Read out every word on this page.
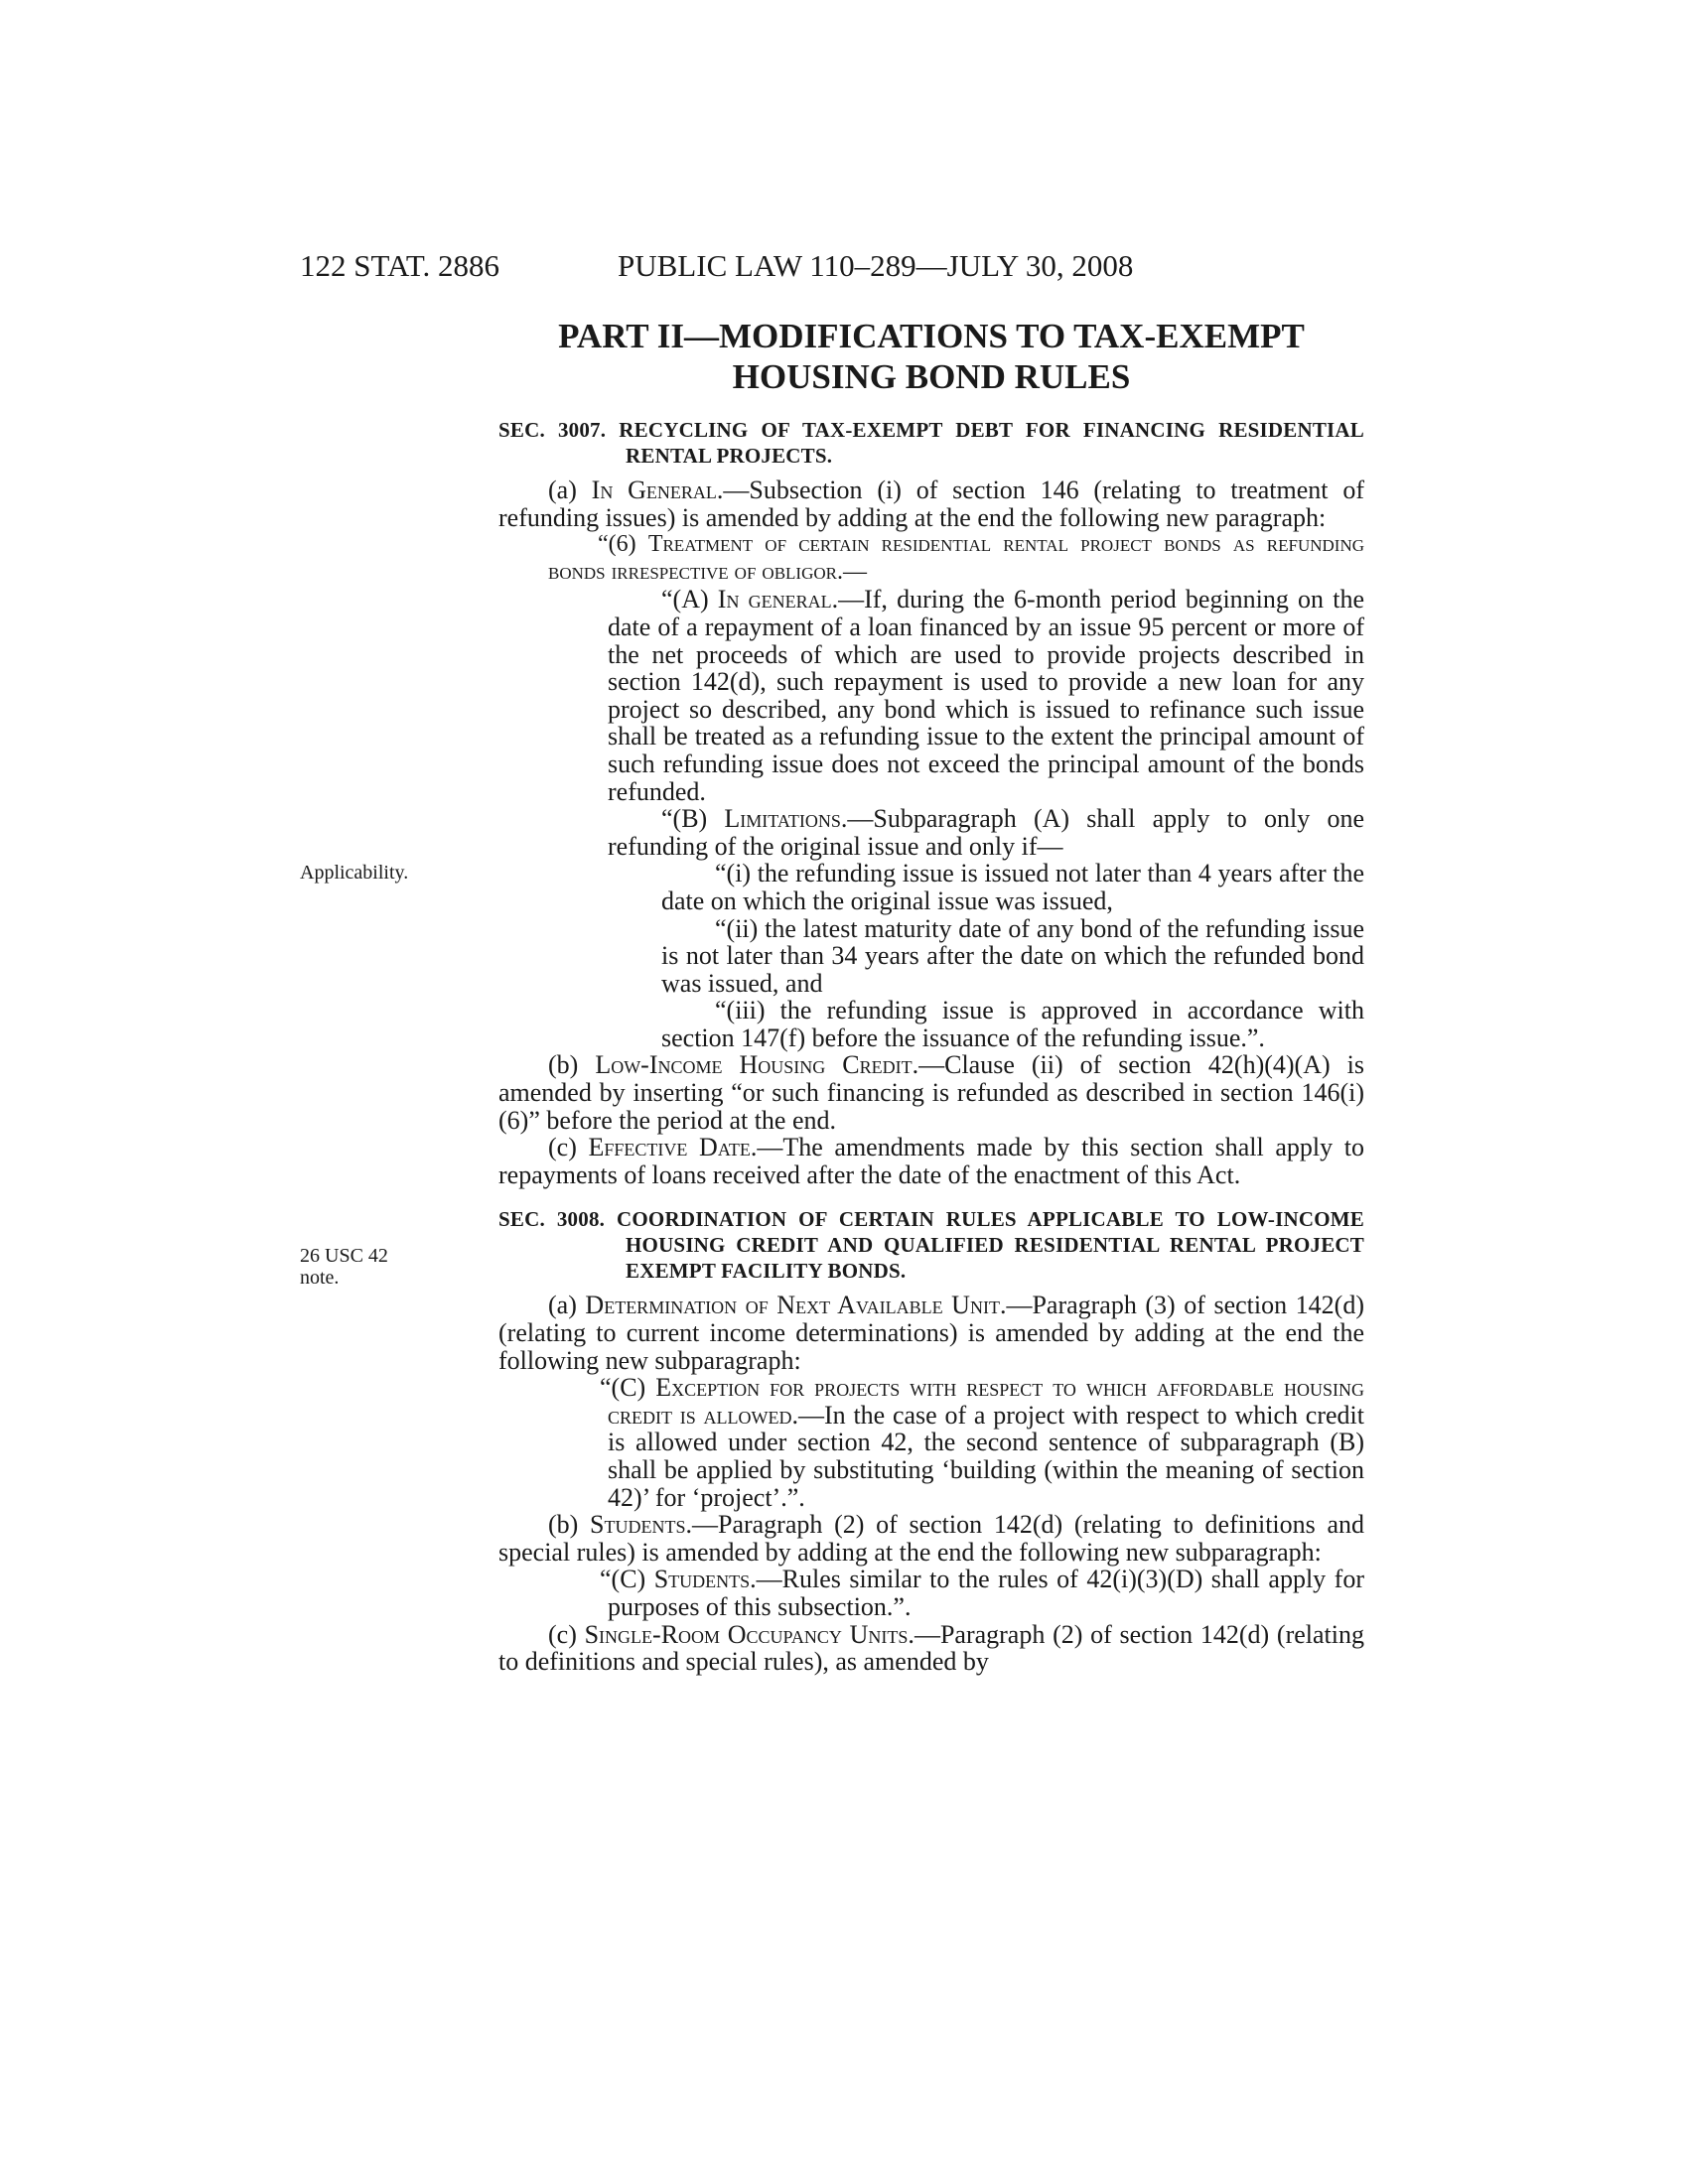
122 STAT. 2886	PUBLIC LAW 110–289—JULY 30, 2008
PART II—MODIFICATIONS TO TAX-EXEMPT
HOUSING BOND RULES
SEC. 3007. RECYCLING OF TAX-EXEMPT DEBT FOR FINANCING RESIDENTIAL RENTAL PROJECTS.

(a) In General.—Subsection (i) of section 146 (relating to treatment of refunding issues) is amended by adding at the end the following new paragraph:

“(6) Treatment of certain residential rental project bonds as refunding bonds irrespective of obligor.—

“(A) In general.—If, during the 6-month period beginning on the date of a repayment of a loan financed by an issue 95 percent or more of the net proceeds of which are used to provide projects described in section 142(d), such repayment is used to provide a new loan for any project so described, any bond which is issued to refinance such issue shall be treated as a refunding issue to the extent the principal amount of such refunding issue does not exceed the principal amount of the bonds refunded.

“(B) Limitations.—Subparagraph (A) shall apply to only one refunding of the original issue and only if—

“(i) the refunding issue is issued not later than 4 years after the date on which the original issue was issued,

“(ii) the latest maturity date of any bond of the refunding issue is not later than 34 years after the date on which the refunded bond was issued, and

“(iii) the refunding issue is approved in accordance with section 147(f) before the issuance of the refunding issue.”.

(b) Low-Income Housing Credit.—Clause (ii) of section 42(h)(4)(A) is amended by inserting “or such financing is refunded as described in section 146(i)(6)” before the period at the end.

(c) Effective Date.—The amendments made by this section shall apply to repayments of loans received after the date of the enactment of this Act.

SEC. 3008. COORDINATION OF CERTAIN RULES APPLICABLE TO LOW-INCOME HOUSING CREDIT AND QUALIFIED RESIDENTIAL RENTAL PROJECT EXEMPT FACILITY BONDS.

(a) Determination of Next Available Unit.—Paragraph (3) of section 142(d) (relating to current income determinations) is amended by adding at the end the following new subparagraph:

“(C) Exception for projects with respect to which affordable housing credit is allowed.—In the case of a project with respect to which credit is allowed under section 42, the second sentence of subparagraph (B) shall be applied by substituting ‘building (within the meaning of section 42)’ for ‘project’.”.

(b) Students.—Paragraph (2) of section 142(d) (relating to definitions and special rules) is amended by adding at the end the following new subparagraph:

“(C) Students.—Rules similar to the rules of 42(i)(3)(D) shall apply for purposes of this subsection.”.

(c) Single-Room Occupancy Units.—Paragraph (2) of section 142(d) (relating to definitions and special rules), as amended by

Applicability.
26 USC 42
note.
